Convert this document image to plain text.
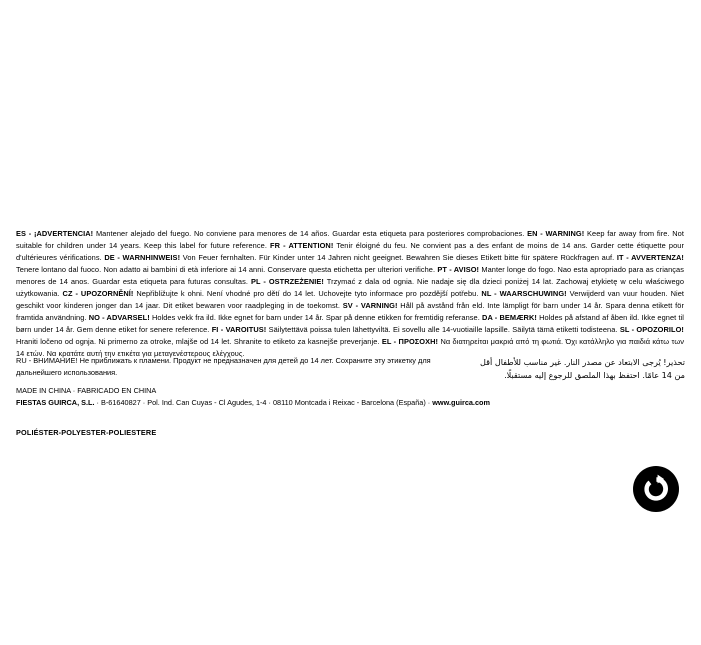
ES - ¡ADVERTENCIA! Mantener alejado del fuego. No conviene para menores de 14 años. Guardar esta etiqueta para posteriores comprobaciones. EN - WARNING! Keep far away from fire. Not suitable for children under 14 years. Keep this label for future reference. FR - ATTENTION! Tenir éloigné du feu. Ne convient pas a des enfant de moins de 14 ans. Garder cette étiquette pour d'ultérieures vérifications. DE - WARNHINWEIS! Von Feuer fernhalten. Für Kinder unter 14 Jahren nicht geeignet. Bewahren Sie dieses Etikett bitte für spätere Rückfragen auf. IT - AVVERTENZA! Tenere lontano dal fuoco. Non adatto ai bambini di età inferiore ai 14 anni. Conservare questa etichetta per ulteriori verifiche. PT - AVISO! Manter longe do fogo. Nao esta apropriado para as crianças menores de 14 anos. Guardar esta etiqueta para futuras consultas. PL - OSTRZEŻENIE! Trzymać z dala od ognia. Nie nadaje się dla dzieci poniżej 14 lat. Zachowaj etykietę w celu właściwego użytkowania. CZ - UPOZORNĚNÍ! Nepřibližujte k ohni. Není vhodné pro dětí do 14 let. Uchovejte tyto informace pro pozdější potřebu. NL - WAARSCHUWING! Verwijderd van vuur houden. Niet geschikt voor kinderen jonger dan 14 jaar. Dit etiket bewaren voor raadpleging in de toekomst. SV - VARNING! Håll på avstånd från eld. Inte lämpligt för barn under 14 år. Spara denna etikett för framtida användning. NO - ADVARSEL! Holdes vekk fra ild. Ikke egnet for barn under 14 år. Spar på denne etikken for fremtidig referanse. DA - BEMÆRK! Holdes på afstand af åben ild. Ikke egnet til børn under 14 år. Gem denne etiket for senere reference. FI - VAROITUS! Säilytettävä poissa tulen lähettyviltä. Ei sovellu alle 14-vuotiaille lapsille. Säilytä tämä etiketti todisteena. SL - OPOZORILO! Hraniti ločeno od ognja. Ni primerno za otroke, mlajše od 14 let. Shranite to etiketo za kasnejše preverjanje. EL - ΠΡΟΣΟΧΗ! Να διατηρείται μακριά από τη φωτιά. Όχι κατάλληλο για παιδιά κάτω των 14 ετών. Να κρατάτε αυτή την ετικέτα για μεταγενέστερους ελέγχους.
RU - ВНИМАНИЕ! Не приближать к пламени. Продукт не предназначен для детей до 14 лет. Сохраните эту этикетку для дальнейшего использования.
تحذير! يُرجى الابتعاد عن مصدر النار. غير مناسب للأطفال أقل
من 14 عامًا. احتفظ بهذا الملصق للرجوع إليه مستقبلًا.
MADE IN CHINA · FABRICADO EN CHINA
FIESTAS GUIRCA, S.L. · B-61640827 · Pol. Ind. Can Cuyas - Cl Agudes, 1-4 · 08110 Montcada i Reixac - Barcelona (España) · www.guirca.com
POLIÉSTER-POLYESTER-POLIESTERE
